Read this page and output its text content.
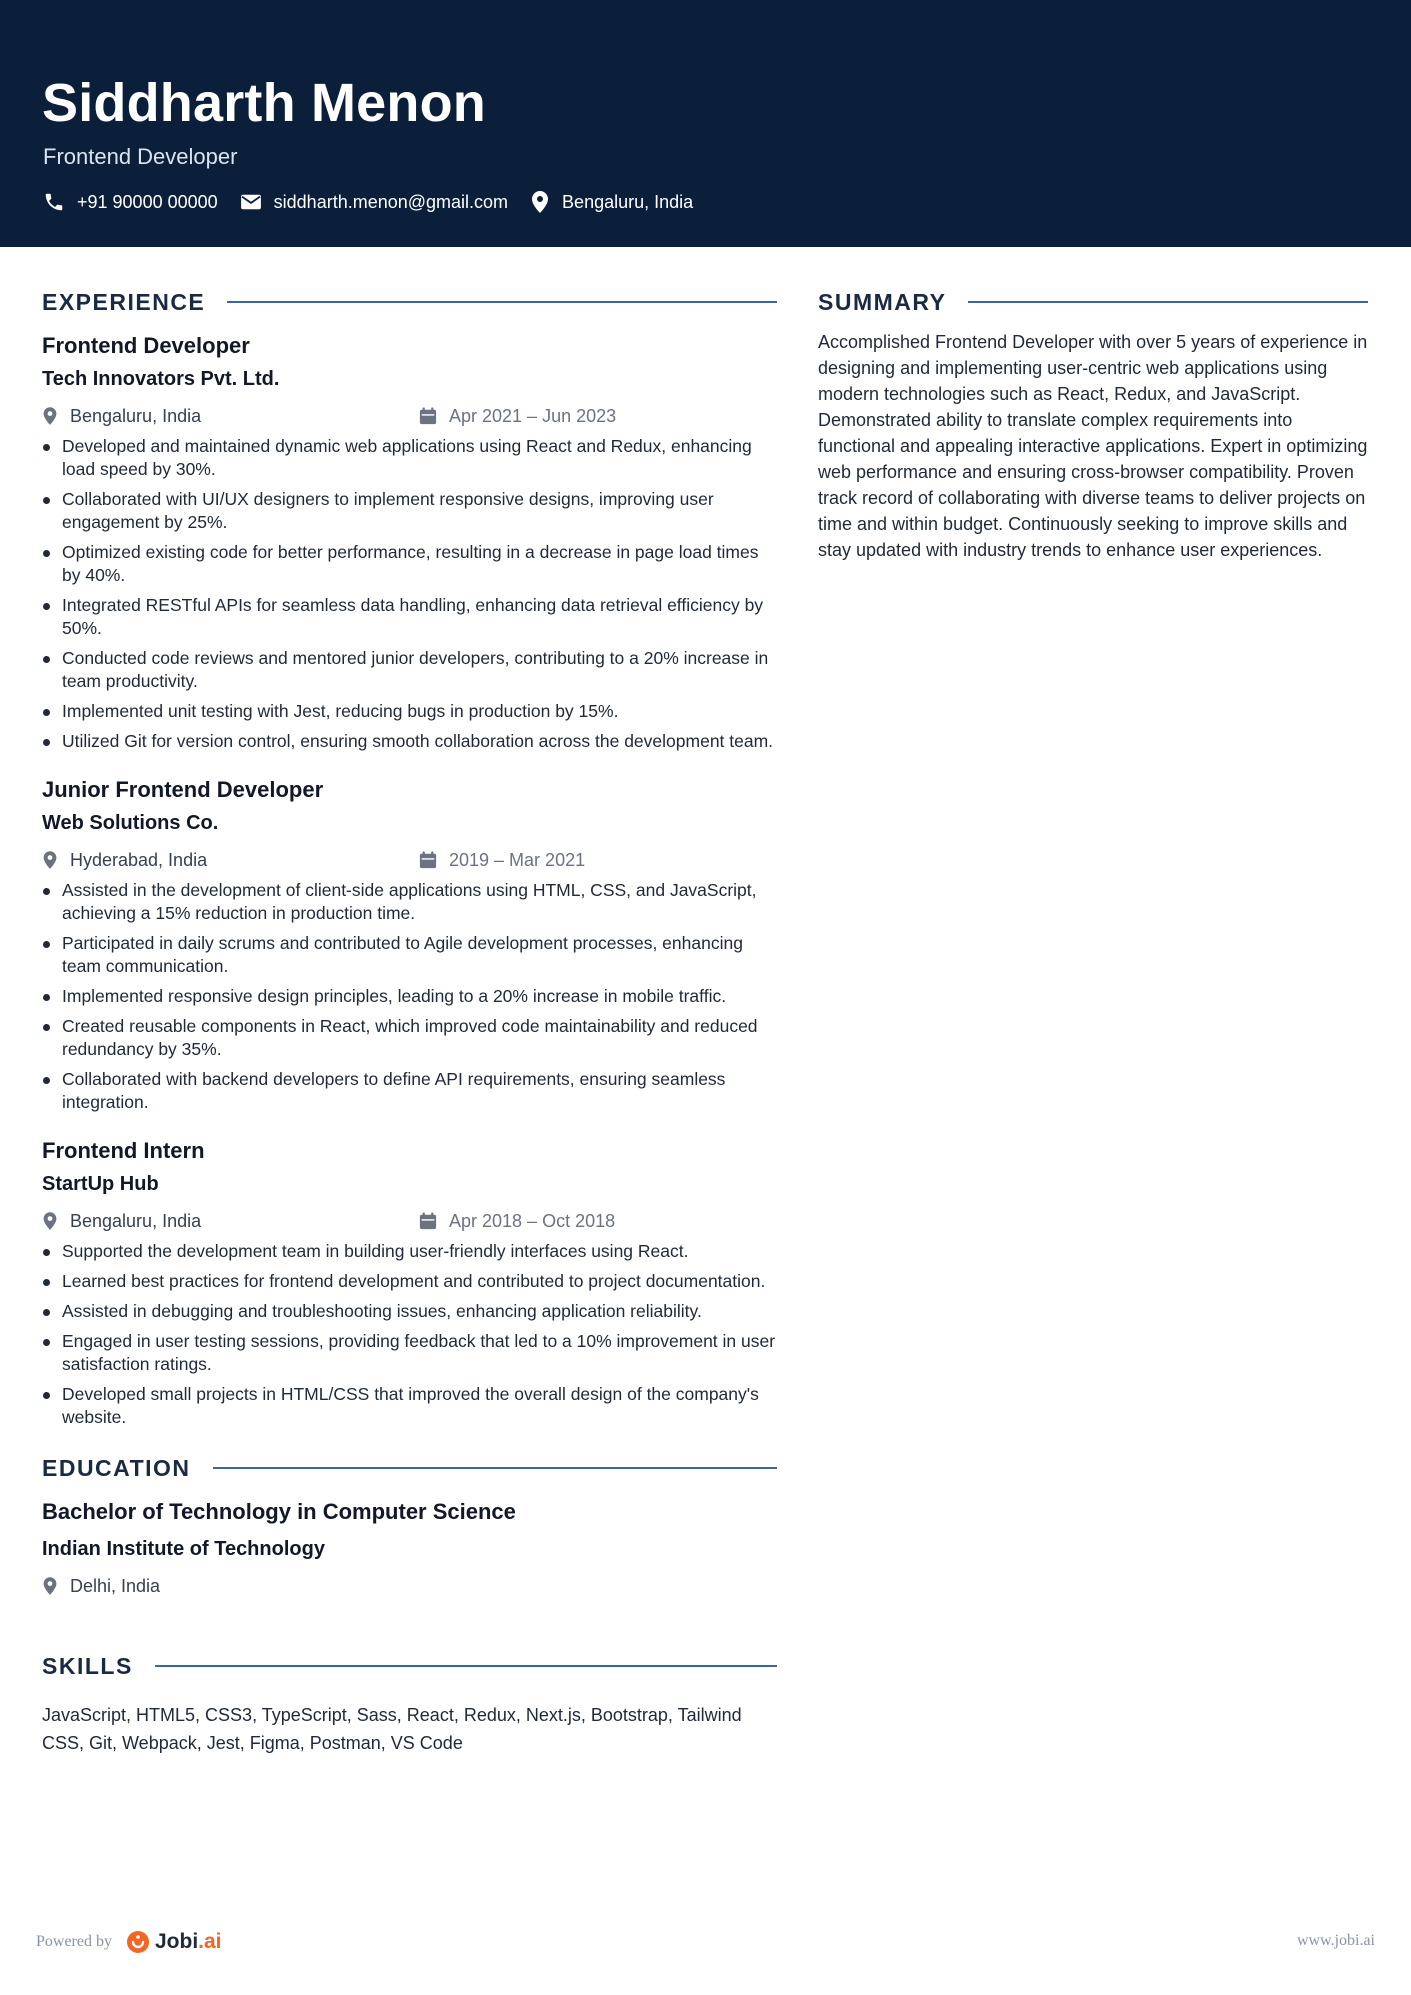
Siddharth Menon
Frontend Developer
+91 90000 00000	siddharth.menon@gmail.com	Bengaluru, India
EXPERIENCE
Frontend Developer
Tech Innovators Pvt. Ltd.
Bengaluru, India	Apr 2021 – Jun 2023
Developed and maintained dynamic web applications using React and Redux, enhancing load speed by 30%.
Collaborated with UI/UX designers to implement responsive designs, improving user engagement by 25%.
Optimized existing code for better performance, resulting in a decrease in page load times by 40%.
Integrated RESTful APIs for seamless data handling, enhancing data retrieval efficiency by 50%.
Conducted code reviews and mentored junior developers, contributing to a 20% increase in team productivity.
Implemented unit testing with Jest, reducing bugs in production by 15%.
Utilized Git for version control, ensuring smooth collaboration across the development team.
Junior Frontend Developer
Web Solutions Co.
Hyderabad, India	2019 – Mar 2021
Assisted in the development of client-side applications using HTML, CSS, and JavaScript, achieving a 15% reduction in production time.
Participated in daily scrums and contributed to Agile development processes, enhancing team communication.
Implemented responsive design principles, leading to a 20% increase in mobile traffic.
Created reusable components in React, which improved code maintainability and reduced redundancy by 35%.
Collaborated with backend developers to define API requirements, ensuring seamless integration.
Frontend Intern
StartUp Hub
Bengaluru, India	Apr 2018 – Oct 2018
Supported the development team in building user-friendly interfaces using React.
Learned best practices for frontend development and contributed to project documentation.
Assisted in debugging and troubleshooting issues, enhancing application reliability.
Engaged in user testing sessions, providing feedback that led to a 10% improvement in user satisfaction ratings.
Developed small projects in HTML/CSS that improved the overall design of the company's website.
EDUCATION
Bachelor of Technology in Computer Science
Indian Institute of Technology
Delhi, India
SKILLS
JavaScript, HTML5, CSS3, TypeScript, Sass, React, Redux, Next.js, Bootstrap, Tailwind CSS, Git, Webpack, Jest, Figma, Postman, VS Code
SUMMARY
Accomplished Frontend Developer with over 5 years of experience in designing and implementing user-centric web applications using modern technologies such as React, Redux, and JavaScript. Demonstrated ability to translate complex requirements into functional and appealing interactive applications. Expert in optimizing web performance and ensuring cross-browser compatibility. Proven track record of collaborating with diverse teams to deliver projects on time and within budget. Continuously seeking to improve skills and stay updated with industry trends to enhance user experiences.
Powered by Jobi .ai	www.jobi.ai
